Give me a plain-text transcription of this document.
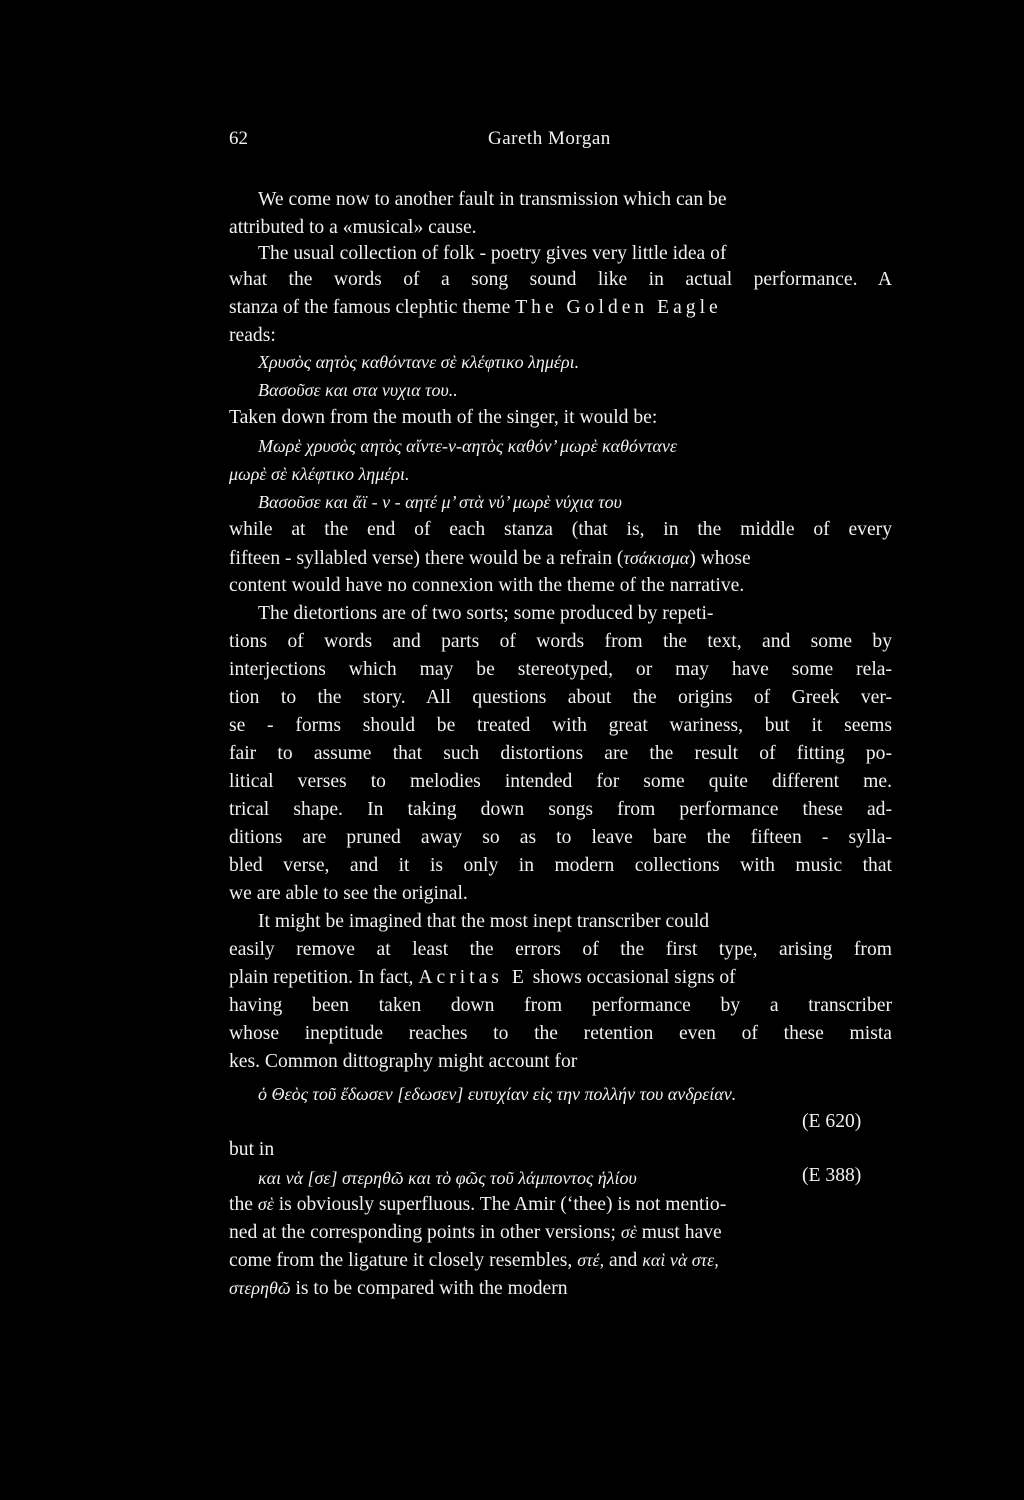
62	Gareth Morgan
We come now to another fault in transmission which can be
attributed to a «musical» cause.
The usual collection of folk - poetry gives very little idea of
what the words of a song sound like in actual performance. A
stanza of the famous clephtic theme The Golden Eagle
reads:
Χρυσὸς αητὸς καθόντανε σὲ κλέφτικο λημέρι.
Βασοῦσε και στα νυχια του..
Taken down from the mouth of the singer, it would be:
Μωρὲ χρυσὸς αητὸς αἴντε-ν-αητὸς καθόν’ μωρὲ καθόντανε
μωρὲ σὲ κλέφτικο λημέρι.
Βασοῦσε και ἄϊ - ν - αητέ μ’ στὰ νύ’ μωρὲ νύχια του
while at the end of each stanza (that is, in the middle of every
fifteen - syllabled verse) there would be a refrain (τσάκισμα) whose
content would have no connexion with the theme of the narrative.
The dietortions are of two sorts; some produced by repeti-
tions of words and parts of words from the text, and some by
interjections which may be stereotyped, or may have some rela-
tion to the story. All questions about the origins of Greek ver-
se - forms should be treated with great wariness, but it seems
fair to assume that such distortions are the result of fitting po-
litical verses to melodies intended for some quite different me.
trical shape. In taking down songs from performance these ad-
ditions are pruned away so as to leave bare the fifteen - sylla-
bled verse, and it is only in modern collections with music that
we are able to see the original.
It might be imagined that the most inept transcriber could
easily remove at least the errors of the first type, arising from
plain repetition. In fact, Acritas E shows occasional signs of
having been taken down from performance by a transcriber
whose ineptitude reaches to the retention even of these mista
kes. Common dittography might account for
ὁ Θεὸς τοῦ ἔδωσεν [εδωσεν] ευτυχίαν εἰς την πολλήν του ανδρείαν.
(E 620)
but in
και νὰ [σε] στερηθῶ και τὸ φῶς τοῦ λάμποντος ἡλίου	(E 388)
the σὲ is obviously superfluous. The Amir (‘thee) is not mentio-
ned at the corresponding points in other versions; σὲ must have
come from the ligature it closely resembles, στέ, and καὶ νὰ στε,
στερηθῶ is to be compared with the modern
